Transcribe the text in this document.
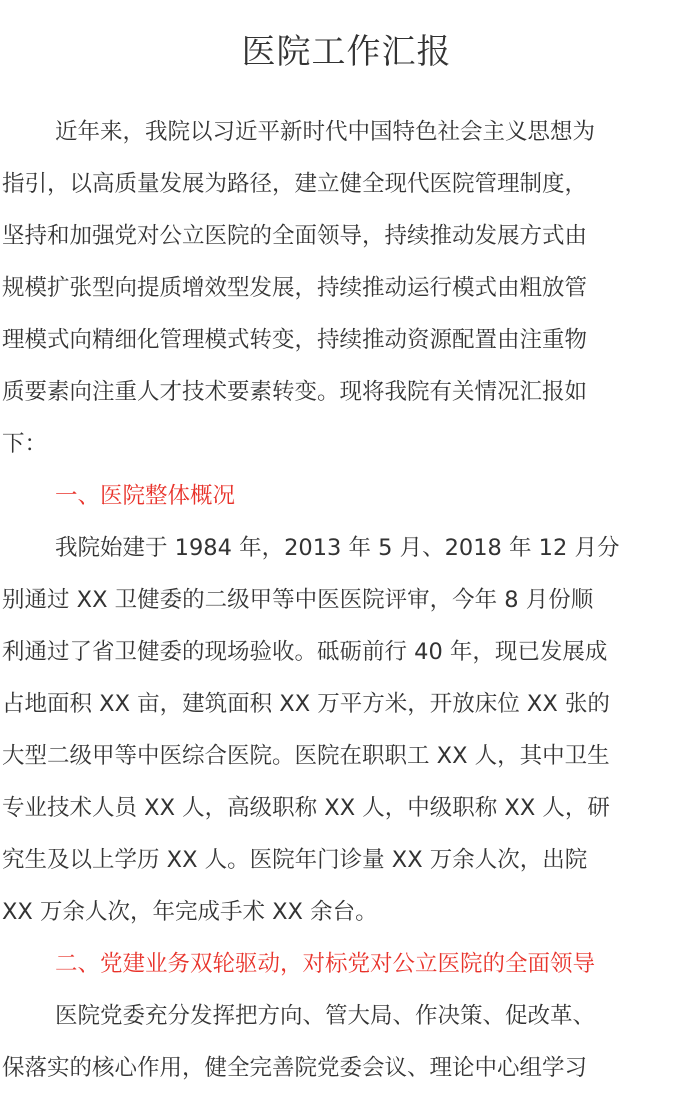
医院工作汇报
近年来，我院以习近平新时代中国特色社会主义思想为
指引，以高质量发展为路径，建立健全现代医院管理制度，
坚持和加强党对公立医院的全面领导，持续推动发展方式由
规模扩张型向提质增效型发展，持续推动运行模式由粗放管
理模式向精细化管理模式转变，持续推动资源配置由注重物
质要素向注重人才技术要素转变。现将我院有关情况汇报如
下：
一、医院整体概况
我院始建于 1984 年，2013 年 5 月、2018 年 12 月分
别通过 XX 卫健委的二级甲等中医医院评审，今年 8 月份顺
利通过了省卫健委的现场验收。砥砺前行 40 年，现已发展成
占地面积 XX 亩，建筑面积 XX 万平方米，开放床位 XX 张的
大型二级甲等中医综合医院。医院在职职工 XX 人，其中卫生
专业技术人员 XX 人，高级职称 XX 人，中级职称 XX 人，研
究生及以上学历 XX 人。医院年门诊量 XX 万余人次，出院
XX 万余人次，年完成手术 XX 余台。
二、党建业务双轮驱动，对标党对公立医院的全面领导
医院党委充分发挥把方向、管大局、作决策、促改革、
保落实的核心作用，健全完善院党委会议、理论中心组学习
